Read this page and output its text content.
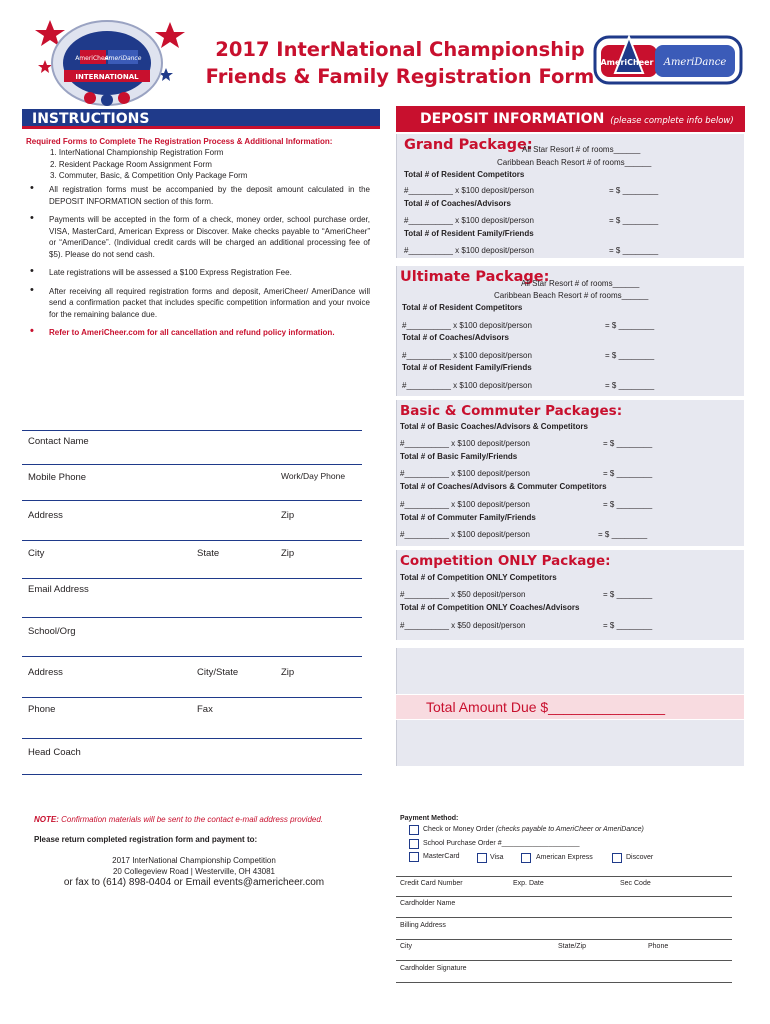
AmeriCheer
AmeriDance
INTERNATIONAL
2017 InterNational Championship
Friends & Family Registration Form
AmeriCheer AmeriDance
INSTRUCTIONS
Required Forms to Complete The Registration Process & Additional Information:
1. InterNational Championship Registration Form
2. Resident Package Room Assignment Form
3. Commuter, Basic, & Competition Only Package Form
• All registration forms must be accompanied by the deposit amount calculated in the DEPOSIT INFORMATION section of this form.
• Payments will be accepted in the form of a check, money order, school purchase order, VISA, MasterCard, American Express or Discover. Make checks payable to “AmeriCheer” or “AmeriDance”. (Individual credit cards will be charged an additional processing fee of $5). Please do not send cash.
• Late registrations will be assessed a $100 Express Registration Fee.
• After receiving all required registration forms and deposit, AmeriCheer/ AmeriDance will send a confirmation packet that includes specific competition information and your nvoice for the remaining balance due.
• Refer to AmeriCheer.com for all cancellation and refund policy information.
Contact Name
Mobile Phone	Work/Day Phone
Address	Zip
City	State	Zip
Email Address
School/Org
Address	City/State	Zip
Phone	Fax
Head Coach
DEPOSIT INFORMATION (please complete info below)
Grand Package:
All Star Resort # of rooms______
Caribbean Beach Resort # of rooms______
Total # of Resident Competitors
#__________ x $100 deposit/person	= $ ________
Total # of Coaches/Advisors
#__________ x $100 deposit/person	= $ ________
Total # of Resident Family/Friends
#__________ x $100 deposit/person	= $ ________
Ultimate Package:
All Star Resort # of rooms______
Caribbean Beach Resort # of rooms______
Total # of Resident Competitors
#__________ x $100 deposit/person	= $ ________
Total # of Coaches/Advisors
#__________ x $100 deposit/person	= $ ________
Total # of Resident Family/Friends
#__________ x $100 deposit/person	= $ ________
Basic & Commuter Packages:
Total # of Basic Coaches/Advisors & Competitors
#__________ x $100 deposit/person	= $ ________
Total # of Basic Family/Friends
#__________ x $100 deposit/person	= $ ________
Total # of Coaches/Advisors & Commuter Competitors
#__________ x $100 deposit/person	= $ ________
Total # of Commuter Family/Friends
#__________ x $100 deposit/person	= $ ________
Competition ONLY Package:
Total # of Competition ONLY Competitors
#__________ x $50 deposit/person	= $ ________
Total # of Competition ONLY Coaches/Advisors
#__________ x $50 deposit/person	= $ ________
Total Amount Due $_______________
NOTE: Confirmation materials will be sent to the contact e-mail address provided.
Please return completed registration form and payment to:
2017 InterNational Championship Competition
20 Collegeview Road | Westerville, OH 43081
or fax to (614) 898-0404 or Email events@americheer.com
Payment Method:
Check or Money Order (checks payable to AmeriCheer or AmeriDance)
School Purchase Order #____________________
MasterCard	Visa	American Express	Discover
Credit Card Number	Exp. Date	Sec Code
Cardholder Name
Billing Address
City	State/Zip	Phone
Cardholder Signature
